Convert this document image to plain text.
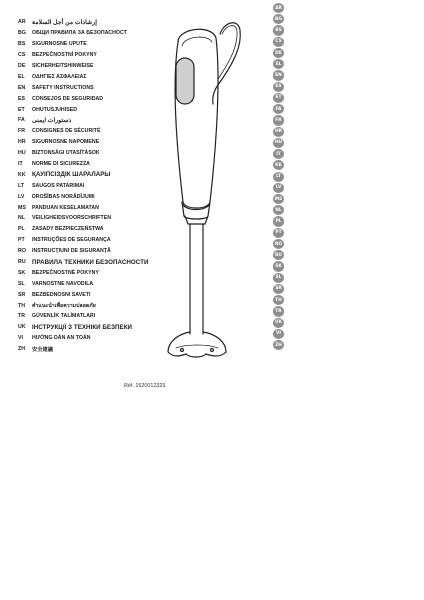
AR	إرشادات من أجل السلامة
BG	ОБЩИ ПРАВИЛА ЗА БЕЗОПАСНОСТ
BS	SIGURNOSNE UPUTE
CS	BEZPEČNOSTNÍ POKYNY
DE	SICHERHEITSHINWEISE
EL	ΟΔΗΓΙΕΣ ΑΣΦΑΛΕΙΑΣ
EN	SAFETY INSTRUCTIONS
ES	CONSEJOS DE SEGURIDAD
ET	OHUTUSJUHISED
FA	دستورات ایمنی
FR	CONSIGNES DE SÉCURITÉ
HR	SIGURNOSNE NAPOMENE
HU	BIZTONSÁGI UTASÍTÁSOK
IT	NORME DI SICUREZZA
KK	ҚАУІПСІЗДІК ШАРАЛАРЫ
LT	SAUGOS PATARIMAI
LV	DROŠĪBAS NORĀDĪJUMI
MS	PANDUAN KESELAMATAN
NL	VEILIGHEIDSVOORSCHRIFTEN
PL	ZASADY BEZPIECZEŃSTWA
PT	INSTRUÇÕES DE SEGURANÇA
RO	INSTRUCȚIUNI DE SIGURANȚĂ
RU	ПРАВИЛА ТЕХНИКИ БЕЗОПАСНОСТИ
SK	BEZPEČNOSTNÉ POKYNY
SL	VARNOSTNE NAVODILA
SR	BEZBEDNOSNI SAVETI
TH	คำแนะนำเพื่อความปลอดภัย
TR	GÜVENLİK TALİMATLARI
UK	ІНСТРУКЦІЇ З ТЕХНІКИ БЕЗПЕКИ
VI	HƯỚNG DẪN AN TOÀN
ZH	安全建議
AR
BG
BS
CS
DE
EL
EN
ES
ET
FA
FR
HR
HU
IT
KK
LT
LV
MS
NL
PL
PT
RO
RU
SK
SL
SR
TH
TR
UK
VI
ZH
Réf. 1520012323
